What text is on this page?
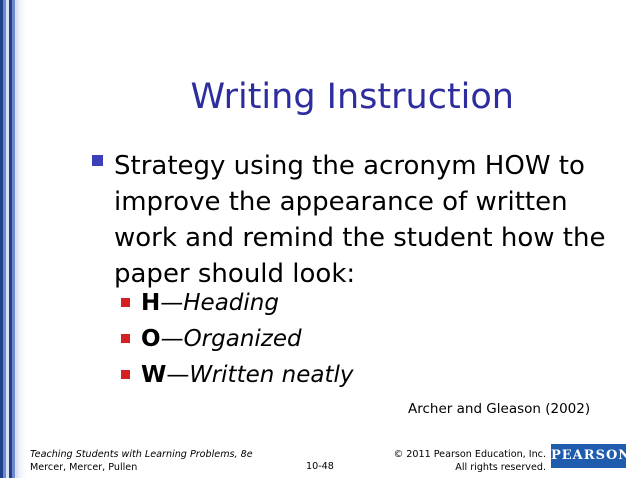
Writing Instruction
Strategy using the acronym HOW to improve the appearance of written work and remind the student how the paper should look:
H—Heading
O—Organized
W—Written neatly
Archer and Gleason (2002)
Teaching Students with Learning Problems, 8e
Mercer, Mercer, Pullen	10-48
© 2011 Pearson Education, Inc.
All rights reserved.
PEARSON
